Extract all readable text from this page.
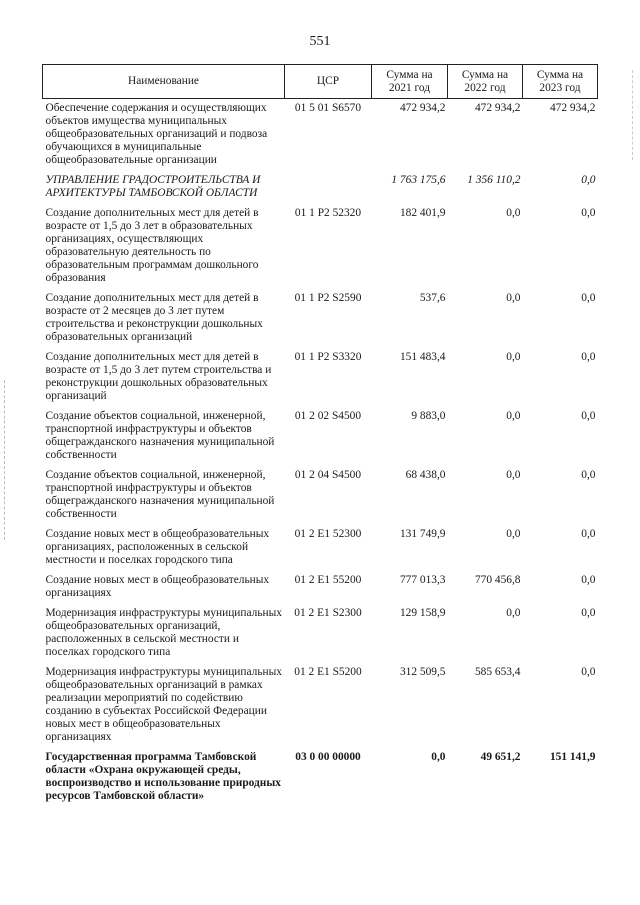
551
Наименование	ЦСР	Сумма на 2021 год	Сумма на 2022 год	Сумма на 2023 год
Обеспечение содержания и осуществляющих объектов имущества муниципальных общеобразовательных организаций и подвоза обучающихся в муниципальные общеобразовательные организации	01 5 01 S6570	472 934,2	472 934,2	472 934,2
УПРАВЛЕНИЕ ГРАДОСТРОИТЕЛЬСТВА И АРХИТЕКТУРЫ ТАМБОВСКОЙ ОБЛАСТИ		1 763 175,6	1 356 110,2	0,0
Создание дополнительных мест для детей в возрасте от 1,5 до 3 лет в образовательных организациях, осуществляющих образовательную деятельность по образовательным программам дошкольного образования	01 1 P2 52320	182 401,9	0,0	0,0
Создание дополнительных мест для детей в возрасте от 2 месяцев до 3 лет путем строительства и реконструкции дошкольных образовательных организаций	01 1 P2 S2590	537,6	0,0	0,0
Создание дополнительных мест для детей в возрасте от 1,5 до 3 лет путем строительства и реконструкции дошкольных образовательных организаций	01 1 P2 S3320	151 483,4	0,0	0,0
Создание объектов социальной, инженерной, транспортной инфраструктуры и объектов общегражданского назначения муниципальной собственности	01 2 02 S4500	9 883,0	0,0	0,0
Создание объектов социальной, инженерной, транспортной инфраструктуры и объектов общегражданского назначения муниципальной собственности	01 2 04 S4500	68 438,0	0,0	0,0
Создание новых мест в общеобразовательных организациях, расположенных в сельской местности и поселках городского типа	01 2 E1 52300	131 749,9	0,0	0,0
Создание новых мест в общеобразовательных организациях	01 2 E1 55200	777 013,3	770 456,8	0,0
Модернизация инфраструктуры муниципальных общеобразовательных организаций, расположенных в сельской местности и поселках городского типа	01 2 E1 S2300	129 158,9	0,0	0,0
Модернизация инфраструктуры муниципальных общеобразовательных организаций в рамках реализации мероприятий по содействию созданию в субъектах Российской Федерации новых мест в общеобразовательных организациях	01 2 E1 S5200	312 509,5	585 653,4	0,0
Государственная программа Тамбовской области «Охрана окружающей среды, воспроизводство и использование природных ресурсов Тамбовской области»	03 0 00 00000	0,0	49 651,2	151 141,9
